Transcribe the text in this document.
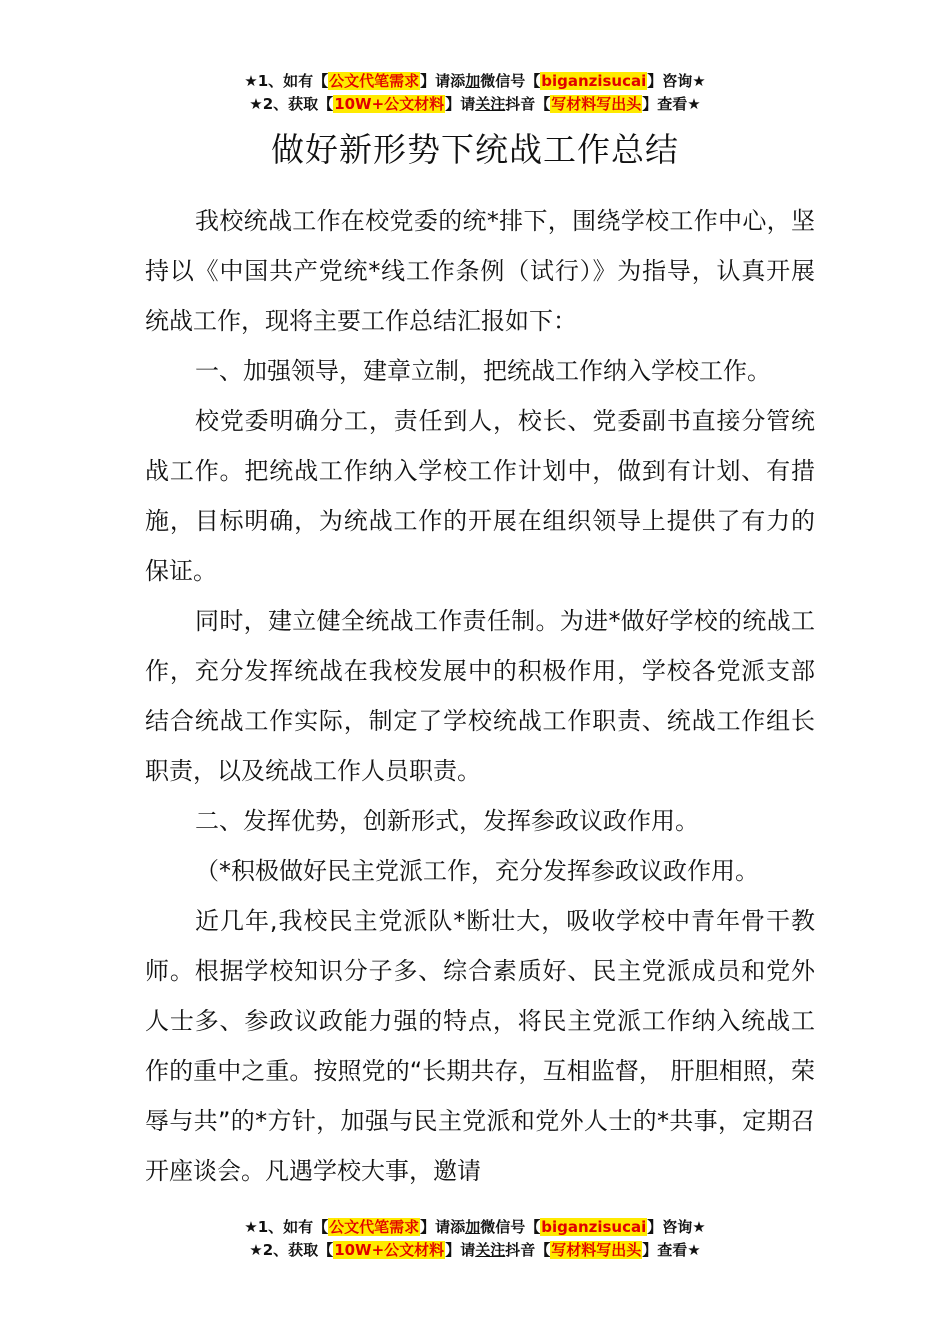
★1、如有【公文代笔需求】请添加微信号【biganzisucai】咨询★
★2、获取【10W+公文材料】请关注抖音【写材料写出头】查看★
做好新形势下统战工作总结

我校统战工作在校党委的统*排下，围绕学校工作中心，坚持以《中国共产党统*线工作条例（试行）》为指导，认真开展统战工作，现将主要工作总结汇报如下：

一、加强领导，建章立制，把统战工作纳入学校工作。

校党委明确分工，责任到人，校长、党委副书直接分管统战工作。把统战工作纳入学校工作计划中，做到有计划、有措施，目标明确，为统战工作的开展在组织领导上提供了有力的保证。

同时，建立健全统战工作责任制。为进*做好学校的统战工作，充分发挥统战在我校发展中的积极作用，学校各党派支部结合统战工作实际，制定了学校统战工作职责、统战工作组长职责，以及统战工作人员职责。

二、发挥优势，创新形式，发挥参政议政作用。

（*积极做好民主党派工作，充分发挥参政议政作用。

近几年,我校民主党派队*断壮大，吸收学校中青年骨干教师。根据学校知识分子多、综合素质好、民主党派成员和党外人士多、参政议政能力强的特点，将民主党派工作纳入统战工作的重中之重。按照党的“长期共存，互相监督， 肝胆相照，荣辱与共”的*方针，加强与民主党派和党外人士的*共事，定期召开座谈会。凡遇学校大事，邀请

★1、如有【公文代笔需求】请添加微信号【biganzisucai】咨询★
★2、获取【10W+公文材料】请关注抖音【写材料写出头】查看★
